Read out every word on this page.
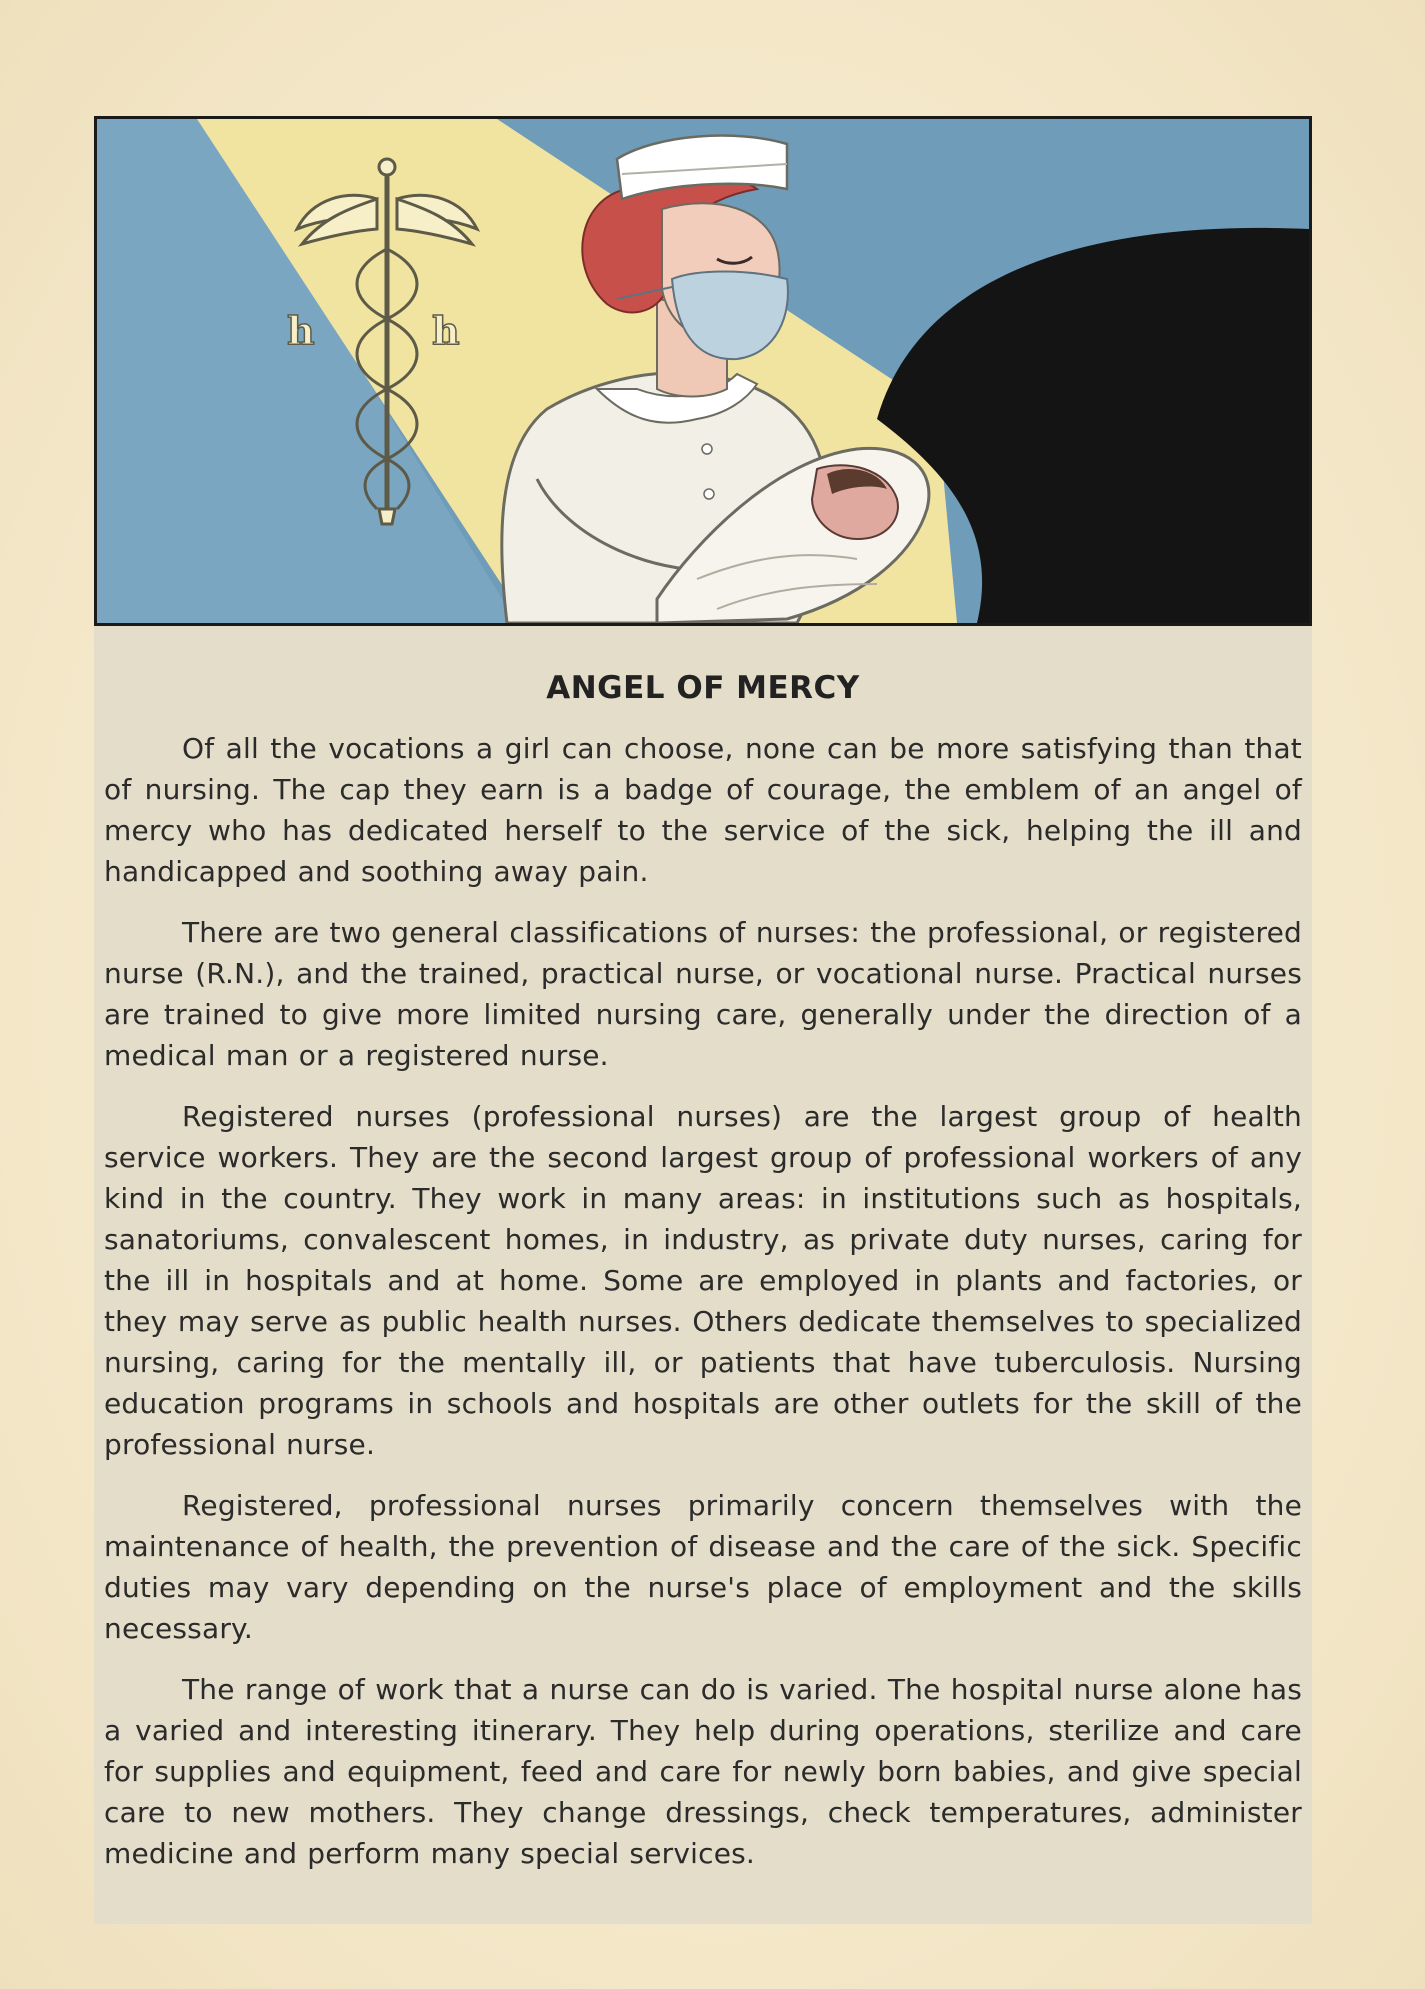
h	h
ANGEL OF MERCY

Of all the vocations a girl can choose, none can be more satisfying than that of nursing. The cap they earn is a badge of courage, the emblem of an angel of mercy who has dedicated herself to the service of the sick, helping the ill and handicapped and soothing away pain.

There are two general classifications of nurses: the professional, or registered nurse (R.N.), and the trained, practical nurse, or vocational nurse. Practical nurses are trained to give more limited nursing care, generally under the direction of a medical man or a registered nurse.

Registered nurses (professional nurses) are the largest group of health service workers. They are the second largest group of professional workers of any kind in the country. They work in many areas: in institutions such as hospitals, sanatoriums, convalescent homes, in industry, as private duty nurses, caring for the ill in hospitals and at home. Some are employed in plants and factories, or they may serve as public health nurses. Others dedicate themselves to specialized nursing, caring for the mentally ill, or patients that have tuberculosis. Nursing education programs in schools and hospitals are other outlets for the skill of the professional nurse.

Registered, professional nurses primarily concern themselves with the maintenance of health, the prevention of disease and the care of the sick. Specific duties may vary depending on the nurse's place of employment and the skills necessary.

The range of work that a nurse can do is varied. The hospital nurse alone has a varied and interesting itinerary. They help during operations, sterilize and care for supplies and equipment, feed and care for newly born babies, and give special care to new mothers. They change dressings, check temperatures, administer medicine and perform many special services.
